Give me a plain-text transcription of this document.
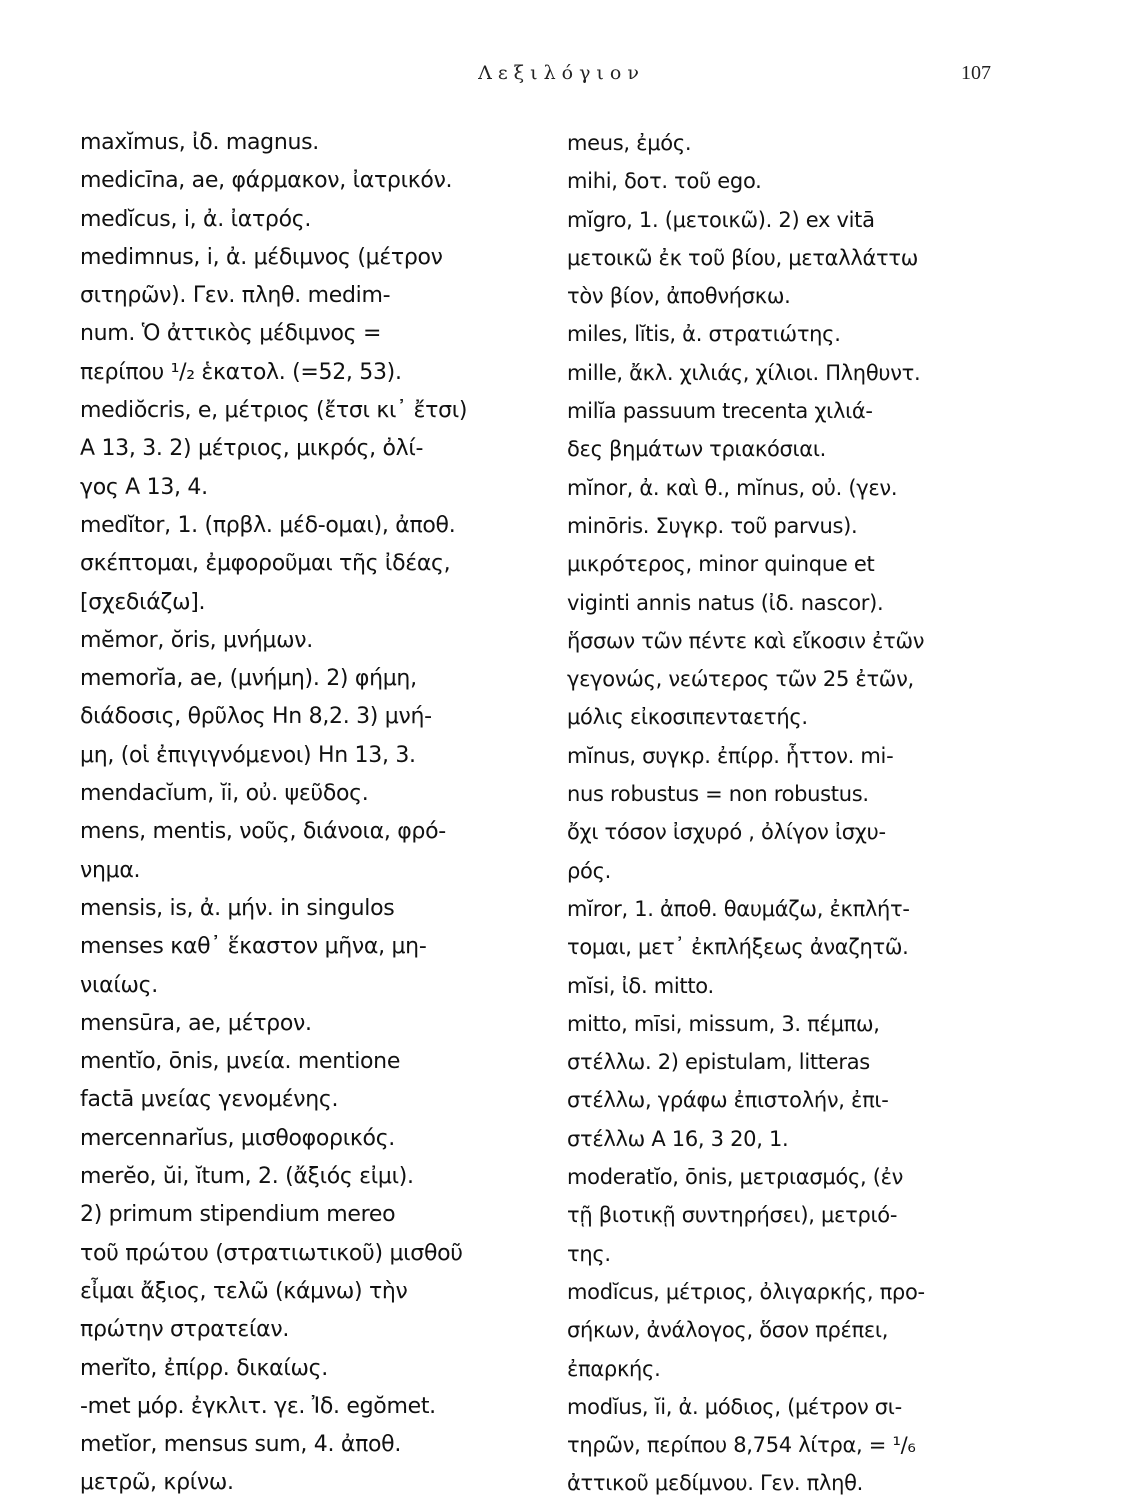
Λεξιλόγιον	107
maxĭmus, ἰδ. magnus.
medicīna, ae, φάρμακον, ἰατρικόν.
medĭcus, i, ἀ. ἰατρός.
medimnus, i, ἀ. μέδιμνος (μέτρον
σιτηρῶν). Γεν. πληθ. medim-
num. Ὁ ἀττικὸς μέδιμνος =
περίπου ¹/₂ ἑκατολ. (=52, 53).
mediŏcris, e, μέτριος (ἔτσι κι᾽ ἔτσι)
Α 13, 3. 2) μέτριος, μικρός, ὀλί-
γος Α 13, 4.
medĭtor, 1. (πρβλ. μέδ-ομαι), ἀποθ.
σκέπτομαι, ἐμφοροῦμαι τῆς ἰδέας,
[σχεδιάζω].
mĕmor, ŏris, μνήμων.
memorĭa, ae, (μνήμη). 2) φήμη,
διάδοσις, θρῦλος Ηn 8,2. 3) μνή-
μη, (οἱ ἐπιγιγνόμενοι) Ηn 13, 3.
mendacĭum, ĭi, οὐ. ψεῦδος.
mens, mentis, νοῦς, διάνοια, φρό-
νημα.
mensis, is, ἀ. μήν. in singulos
menses καθ᾽ ἕκαστον μῆνα, μη-
νιαίως.
mensūra, ae, μέτρον.
mentĭo, ōnis, μνεία. mentione
factā μνείας γενομένης.
mercennarĭus, μισθοφορικός.
merĕo, ŭi, ĭtum, 2. (ἄξιός εἰμι).
2) primum stipendium mereo
τοῦ πρώτου (στρατιωτικοῦ) μισθοῦ
εἶμαι ἄξιος, τελῶ (κάμνω) τὴν
πρώτην στρατείαν.
merĭto, ἐπίρρ. δικαίως.
-met μόρ. ἐγκλιτ. γε. Ἰδ. egŏmet.
metĭor, mensus sum, 4. ἀποθ.
μετρῶ, κρίνω.
meus, ἐμός.
mihi, δοτ. τοῦ ego.
mĭgro, 1. (μετοικῶ). 2) ex vitā
μετοικῶ ἐκ τοῦ βίου, μεταλλάττω
τὸν βίον, ἀποθνήσκω.
miles, lĭtis, ἀ. στρατιώτης.
mille, ἄκλ. χιλιάς, χίλιοι. Πληθυντ.
milĭa passuum trecenta χιλιά-
δες βημάτων τριακόσιαι.
mĭnor, ἀ. καὶ θ., mĭnus, οὐ. (γεν.
minōris. Συγκρ. τοῦ parvus).
μικρότερος, minor quinque et
viginti annis natus (ἰδ. nascor).
ἥσσων τῶν πέντε καὶ εἴκοσιν ἐτῶν
γεγονώς, νεώτερος τῶν 25 ἐτῶν,
μόλις εἰκοσιπενταετής.
mĭnus, συγκρ. ἐπίρρ. ἧττον. mi-
nus robustus = non robustus.
ὄχι τόσον ἰσχυρό , ὀλίγον ἰσχυ-
ρός.
mĭror, 1. ἀποθ. θαυμάζω, ἐκπλήτ-
τομαι, μετ᾽ ἐκπλήξεως ἀναζητῶ.
mĭsi, ἰδ. mitto.
mitto, mīsi, missum, 3. πέμπω,
στέλλω. 2) epistulam, litteras
στέλλω, γράφω ἐπιστολήν, ἐπι-
στέλλω Α 16, 3 20, 1.
moderatĭo, ōnis, μετριασμός, (ἐν
τῇ βιοτικῇ συντηρήσει), μετριό-
της.
modĭcus, μέτριος, ὀλιγαρκής, προ-
σήκων, ἀνάλογος, ὅσον πρέπει,
ἐπαρκής.
modĭus, ĭi, ἀ. μόδιος, (μέτρον σι-
τηρῶν, περίπου 8,754 λίτρα, = ¹/₆
ἀττικοῦ μεδίμνου. Γεν. πληθ.
